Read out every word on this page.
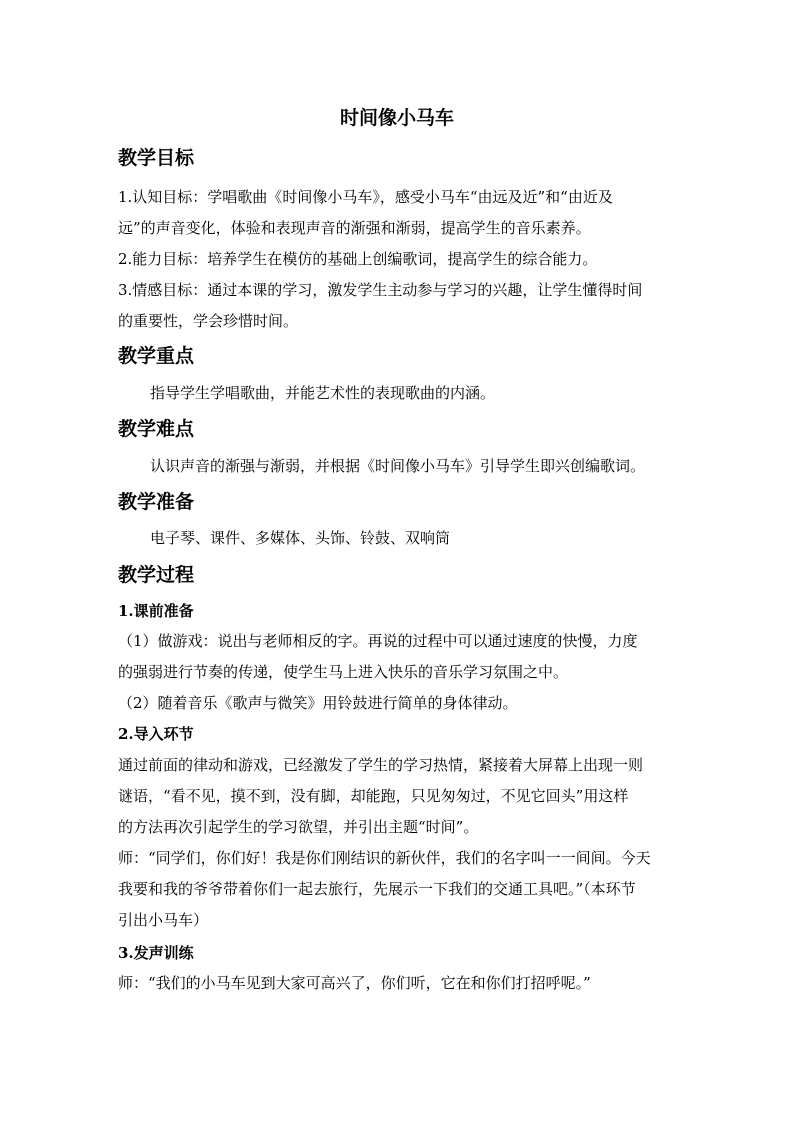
时间像小马车
教学目标
1.认知目标：学唱歌曲《时间像小马车》，感受小马车“由远及近”和“由近及
远”的声音变化，体验和表现声音的渐强和渐弱，提高学生的音乐素养。
2.能力目标：培养学生在模仿的基础上创编歌词，提高学生的综合能力。
3.情感目标：通过本课的学习，激发学生主动参与学习的兴趣，让学生懂得时间
的重要性，学会珍惜时间。
教学重点
指导学生学唱歌曲，并能艺术性的表现歌曲的内涵。
教学难点
认识声音的渐强与渐弱，并根据《时间像小马车》引导学生即兴创编歌词。
教学准备
电子琴、课件、多媒体、头饰、铃鼓、双响筒
教学过程
1.课前准备
（1）做游戏：说出与老师相反的字。再说的过程中可以通过速度的快慢，力度
的强弱进行节奏的传递，使学生马上进入快乐的音乐学习氛围之中。
（2）随着音乐《歌声与微笑》用铃鼓进行简单的身体律动。
2.导入环节
通过前面的律动和游戏，已经激发了学生的学习热情，紧接着大屏幕上出现一则
谜语，“看不见，摸不到，没有脚，却能跑，只见匆匆过，不见它回头”用这样
的方法再次引起学生的学习欲望，并引出主题“时间”。
师：“同学们，你们好！我是你们刚结识的新伙伴，我们的名字叫一一间间。今天
我要和我的爷爷带着你们一起去旅行，先展示一下我们的交通工具吧。”（本环节
引出小马车）
3.发声训练
师：“我们的小马车见到大家可高兴了，你们听，它在和你们打招呼呢。”
